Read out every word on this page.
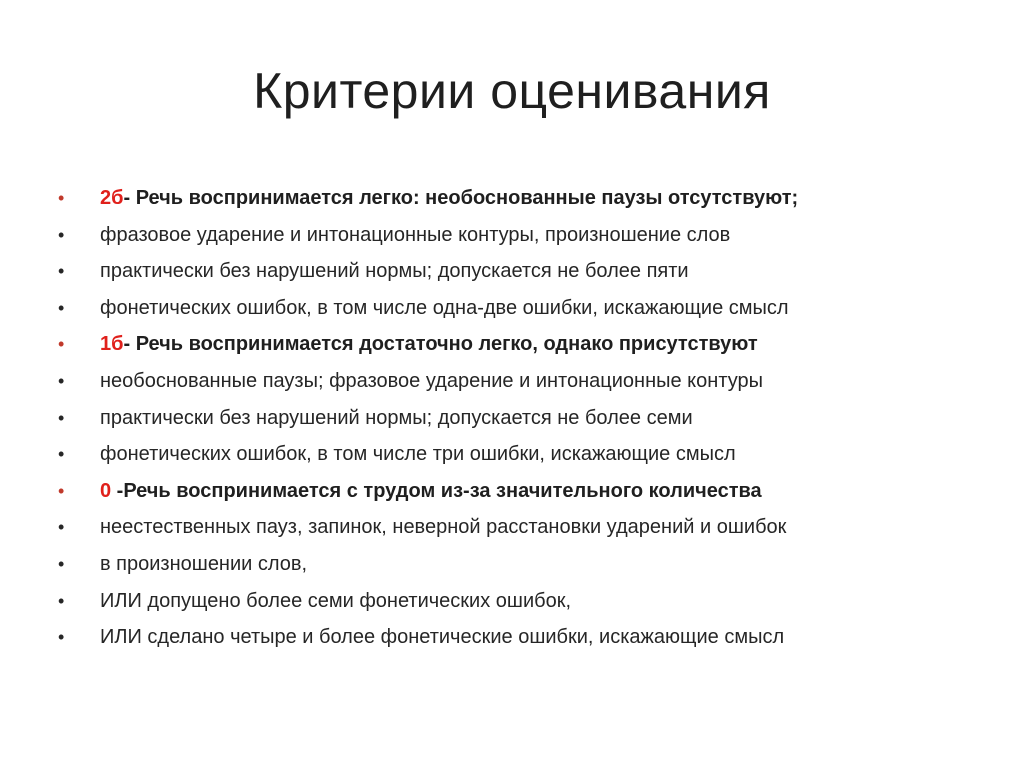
Критерии оценивания
•	2б- Речь воспринимается легко: необоснованные паузы отсутствуют;
•	фразовое ударение и интонационные контуры, произношение слов
•	практически без нарушений нормы; допускается не более пяти
•	фонетических ошибок, в том числе одна-две ошибки, искажающие смысл
•	1б- Речь воспринимается достаточно легко, однако присутствуют
•	необоснованные паузы; фразовое ударение и интонационные контуры
•	практически без нарушений нормы; допускается не более семи
•	фонетических ошибок, в том числе три ошибки, искажающие смысл
•	0 -Речь воспринимается с трудом из-за значительного количества
•	неестественных пауз, запинок, неверной расстановки ударений и ошибок
•	в произношении слов,
•	ИЛИ допущено более семи фонетических ошибок,
•	ИЛИ сделано четыре и более фонетические ошибки, искажающие смысл
